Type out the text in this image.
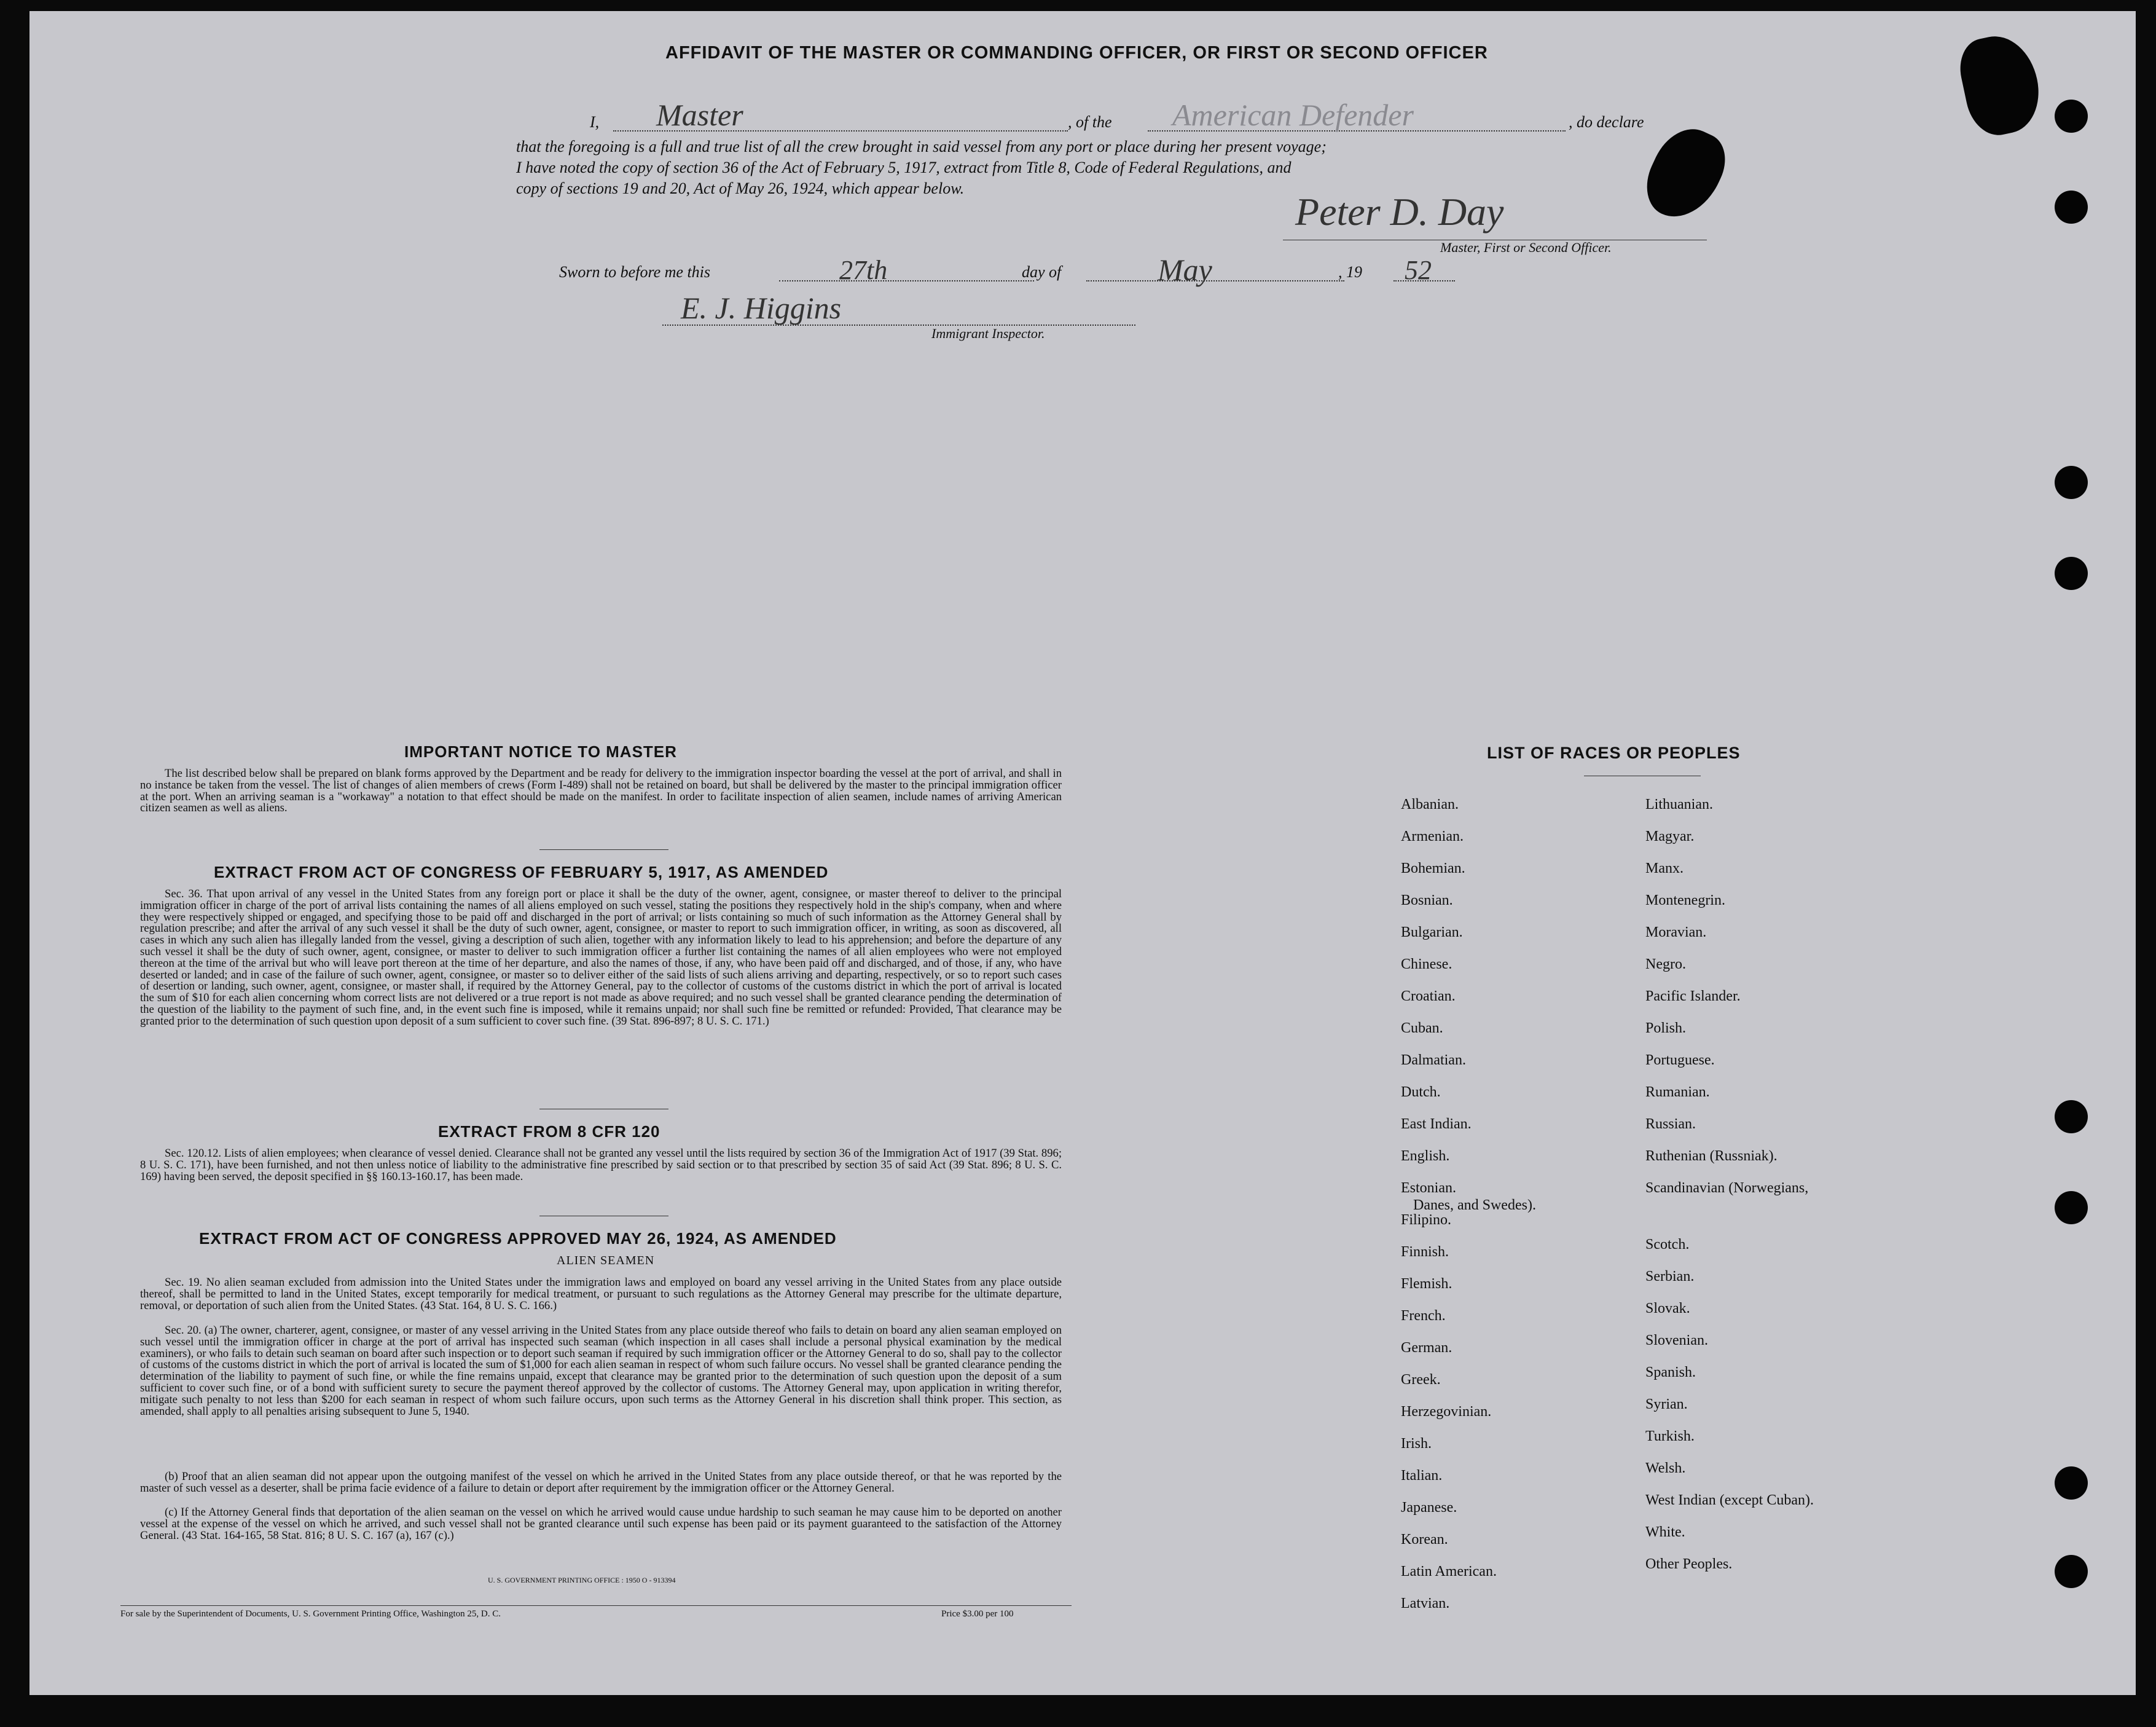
AFFIDAVIT OF THE MASTER OR COMMANDING OFFICER, OR FIRST OR SECOND OFFICER
I, Master	, of the American Defender	, do declare
that the foregoing is a full and true list of all the crew brought in said vessel from any port or place during her present voyage;
I have noted the copy of section 36 of the Act of February 5, 1917, extract from Title 8, Code of Federal Regulations, and
copy of sections 19 and 20, Act of May 26, 1924, which appear below.
Peter D. Day
Master, First or Second Officer.
Sworn to before me this	27th	day of	May	, 19 52
E. J. Higgins
Immigrant Inspector.
IMPORTANT NOTICE TO MASTER
The list described below shall be prepared on blank forms approved by the Department and be ready for delivery to the immigration inspector boarding the vessel at the port of arrival, and shall in no instance be taken from the vessel. The list of changes of alien members of crews (Form I-489) shall not be retained on board, but shall be delivered by the master to the principal immigration officer at the port. When an arriving seaman is a "workaway" a notation to that effect should be made on the manifest. In order to facilitate inspection of alien seamen, include names of arriving American citizen seamen as well as aliens.
EXTRACT FROM ACT OF CONGRESS OF FEBRUARY 5, 1917, AS AMENDED
Sec. 36. That upon arrival of any vessel in the United States from any foreign port or place it shall be the duty of the owner, agent, consignee, or master thereof to deliver to the principal immigration officer in charge of the port of arrival lists containing the names of all aliens employed on such vessel, stating the positions they respectively hold in the ship's company, when and where they were respectively shipped or engaged, and specifying those to be paid off and discharged in the port of arrival; or lists containing so much of such information as the Attorney General shall by regulation prescribe; and after the arrival of any such vessel it shall be the duty of such owner, agent, consignee, or master to report to such immigration officer, in writing, as soon as discovered, all cases in which any such alien has illegally landed from the vessel, giving a description of such alien, together with any information likely to lead to his apprehension; and before the departure of any such vessel it shall be the duty of such owner, agent, consignee, or master to deliver to such immigration officer a further list containing the names of all alien employees who were not employed thereon at the time of the arrival but who will leave port thereon at the time of her departure, and also the names of those, if any, who have been paid off and discharged, and of those, if any, who have deserted or landed; and in case of the failure of such owner, agent, consignee, or master so to deliver either of the said lists of such aliens arriving and departing, respectively, or so to report such cases of desertion or landing, such owner, agent, consignee, or master shall, if required by the Attorney General, pay to the collector of customs of the customs district in which the port of arrival is located the sum of $10 for each alien concerning whom correct lists are not delivered or a true report is not made as above required; and no such vessel shall be granted clearance pending the determination of the question of the liability to the payment of such fine, and, in the event such fine is imposed, while it remains unpaid; nor shall such fine be remitted or refunded: Provided, That clearance may be granted prior to the determination of such question upon deposit of a sum sufficient to cover such fine. (39 Stat. 896-897; 8 U. S. C. 171.)
EXTRACT FROM 8 CFR 120
Sec. 120.12. Lists of alien employees; when clearance of vessel denied. Clearance shall not be granted any vessel until the lists required by section 36 of the Immigration Act of 1917 (39 Stat. 896; 8 U. S. C. 171), have been furnished, and not then unless notice of liability to the administrative fine prescribed by said section or to that prescribed by section 35 of said Act (39 Stat. 896; 8 U. S. C. 169) having been served, the deposit specified in §§ 160.13-160.17, has been made.
EXTRACT FROM ACT OF CONGRESS APPROVED MAY 26, 1924, AS AMENDED
ALIEN SEAMEN
Sec. 19. No alien seaman excluded from admission into the United States under the immigration laws and employed on board any vessel arriving in the United States from any place outside thereof, shall be permitted to land in the United States, except temporarily for medical treatment, or pursuant to such regulations as the Attorney General may prescribe for the ultimate departure, removal, or deportation of such alien from the United States. (43 Stat. 164, 8 U. S. C. 166.)
Sec. 20. (a) The owner, charterer, agent, consignee, or master of any vessel arriving in the United States from any place outside thereof who fails to detain on board any alien seaman employed on such vessel until the immigration officer in charge at the port of arrival has inspected such seaman (which inspection in all cases shall include a personal physical examination by the medical examiners), or who fails to detain such seaman on board after such inspection or to deport such seaman if required by such immigration officer or the Attorney General to do so, shall pay to the collector of customs of the customs district in which the port of arrival is located the sum of $1,000 for each alien seaman in respect of whom such failure occurs. No vessel shall be granted clearance pending the determination of the liability to payment of such fine, or while the fine remains unpaid, except that clearance may be granted prior to the determination of such question upon the deposit of a sum sufficient to cover such fine, or of a bond with sufficient surety to secure the payment thereof approved by the collector of customs. The Attorney General may, upon application in writing therefor, mitigate such penalty to not less than $200 for each seaman in respect of whom such failure occurs, upon such terms as the Attorney General in his discretion shall think proper. This section, as amended, shall apply to all penalties arising subsequent to June 5, 1940.
(b) Proof that an alien seaman did not appear upon the outgoing manifest of the vessel on which he arrived in the United States from any place outside thereof, or that he was reported by the master of such vessel as a deserter, shall be prima facie evidence of a failure to detain or deport after requirement by the immigration officer or the Attorney General.
(c) If the Attorney General finds that deportation of the alien seaman on the vessel on which he arrived would cause undue hardship to such seaman he may cause him to be deported on another vessel at the expense of the vessel on which he arrived, and such vessel shall not be granted clearance until such expense has been paid or its payment guaranteed to the satisfaction of the Attorney General. (43 Stat. 164-165, 58 Stat. 816; 8 U. S. C. 167 (a), 167 (c).)
U. S. GOVERNMENT PRINTING OFFICE : 1950 O - 913394
For sale by the Superintendent of Documents, U. S. Government Printing Office, Washington 25, D. C.	Price $3.00 per 100
LIST OF RACES OR PEOPLES
Albanian.
Armenian.
Bohemian.
Bosnian.
Bulgarian.
Chinese.
Croatian.
Cuban.
Dalmatian.
Dutch.
East Indian.
English.
Estonian.
Filipino.
Finnish.
Flemish.
French.
German.
Greek.
Herzegovinian.
Irish.
Italian.
Japanese.
Korean.
Latin American.
Latvian.
Lithuanian.
Magyar.
Manx.
Montenegrin.
Moravian.
Negro.
Pacific Islander.
Polish.
Portuguese.
Rumanian.
Russian.
Ruthenian (Russniak).
Scandinavian (Norwegians,
Danes, and Swedes).
Scotch.
Serbian.
Slovak.
Slovenian.
Spanish.
Syrian.
Turkish.
Welsh.
West Indian (except Cuban).
White.
Other Peoples.
